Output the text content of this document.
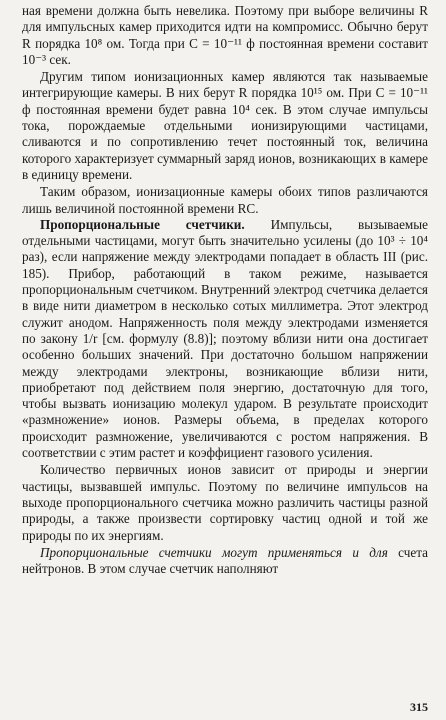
ная времени должна быть невелика. Поэтому при выборе величины R для импульсных камер приходится идти на компромисс. Обычно берут R порядка 10⁸ ом. Тогда при C = 10⁻¹¹ ф постоянная времени составит 10⁻³ сек.

Другим типом ионизационных камер являются так называемые интегрирующие камеры. В них берут R порядка 10¹⁵ ом. При C = 10⁻¹¹ ф постоянная времени будет равна 10⁴ сек. В этом случае импульсы тока, порождаемые отдельными ионизирующими частицами, сливаются и по сопротивлению течет постоянный ток, величина которого характеризует суммарный заряд ионов, возникающих в камере в единицу времени.

Таким образом, ионизационные камеры обоих типов различаются лишь величиной постоянной времени RC.

Пропорциональные счетчики. Импульсы, вызываемые отдельными частицами, могут быть значительно усилены (до 10³ ÷ 10⁴ раз), если напряжение между электродами попадает в область III (рис. 185). Прибор, работающий в таком режиме, называется пропорциональным счетчиком. Внутренний электрод счетчика делается в виде нити диаметром в несколько сотых миллиметра. Этот электрод служит анодом. Напряженность поля между электродами изменяется по закону 1/r [см. формулу (8.8)]; поэтому вблизи нити она достигает особенно больших значений. При достаточно большом напряжении между электродами электроны, возникающие вблизи нити, приобретают под действием поля энергию, достаточную для того, чтобы вызвать ионизацию молекул ударом. В результате происходит «размножение» ионов. Размеры объема, в пределах которого происходит размножение, увеличиваются с ростом напряжения. В соответствии с этим растет и коэффициент газового усиления.

Количество первичных ионов зависит от природы и энергии частицы, вызвавшей импульс. Поэтому по величине импульсов на выходе пропорционального счетчика можно различить частицы разной природы, а также произвести сортировку частиц одной и той же природы по их энергиям.

Пропорциональные счетчики могут применяться и для счета нейтронов. В этом случае счетчик наполняют

315
